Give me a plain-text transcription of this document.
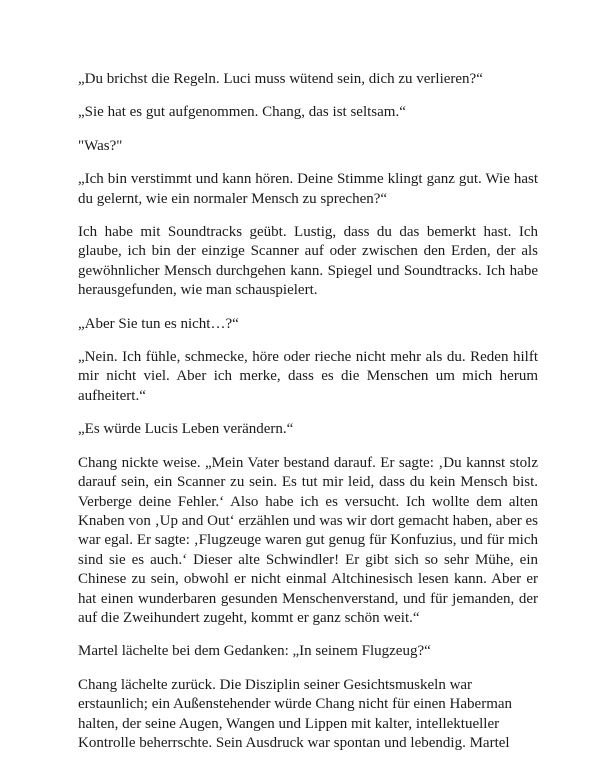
„Du brichst die Regeln. Luci muss wütend sein, dich zu verlieren?“

„Sie hat es gut aufgenommen. Chang, das ist seltsam.“

"Was?"

„Ich bin verstimmt und kann hören. Deine Stimme klingt ganz gut. Wie hast du gelernt, wie ein normaler Mensch zu sprechen?“

Ich habe mit Soundtracks geübt. Lustig, dass du das bemerkt hast. Ich glaube, ich bin der einzige Scanner auf oder zwischen den Erden, der als gewöhnlicher Mensch durchgehen kann. Spiegel und Soundtracks. Ich habe herausgefunden, wie man schauspielert.

„Aber Sie tun es nicht…?“

„Nein. Ich fühle, schmecke, höre oder rieche nicht mehr als du. Reden hilft mir nicht viel. Aber ich merke, dass es die Menschen um mich herum aufheitert.“

„Es würde Lucis Leben verändern.“

Chang nickte weise. „Mein Vater bestand darauf. Er sagte: ‚Du kannst stolz darauf sein, ein Scanner zu sein. Es tut mir leid, dass du kein Mensch bist. Verberge deine Fehler.‘ Also habe ich es versucht. Ich wollte dem alten Knaben von ‚Up and Out‘ erzählen und was wir dort gemacht haben, aber es war egal. Er sagte: ‚Flugzeuge waren gut genug für Konfuzius, und für mich sind sie es auch.‘ Dieser alte Schwindler! Er gibt sich so sehr Mühe, ein Chinese zu sein, obwohl er nicht einmal Altchinesisch lesen kann. Aber er hat einen wunderbaren gesunden Menschenverstand, und für jemanden, der auf die Zweihundert zugeht, kommt er ganz schön weit.“

Martel lächelte bei dem Gedanken: „In seinem Flugzeug?“

Chang lächelte zurück. Die Disziplin seiner Gesichtsmuskeln war erstaunlich; ein Außenstehender würde Chang nicht für einen Haberman halten, der seine Augen, Wangen und Lippen mit kalter, intellektueller Kontrolle beherrschte. Sein Ausdruck war spontan und lebendig. Martel
